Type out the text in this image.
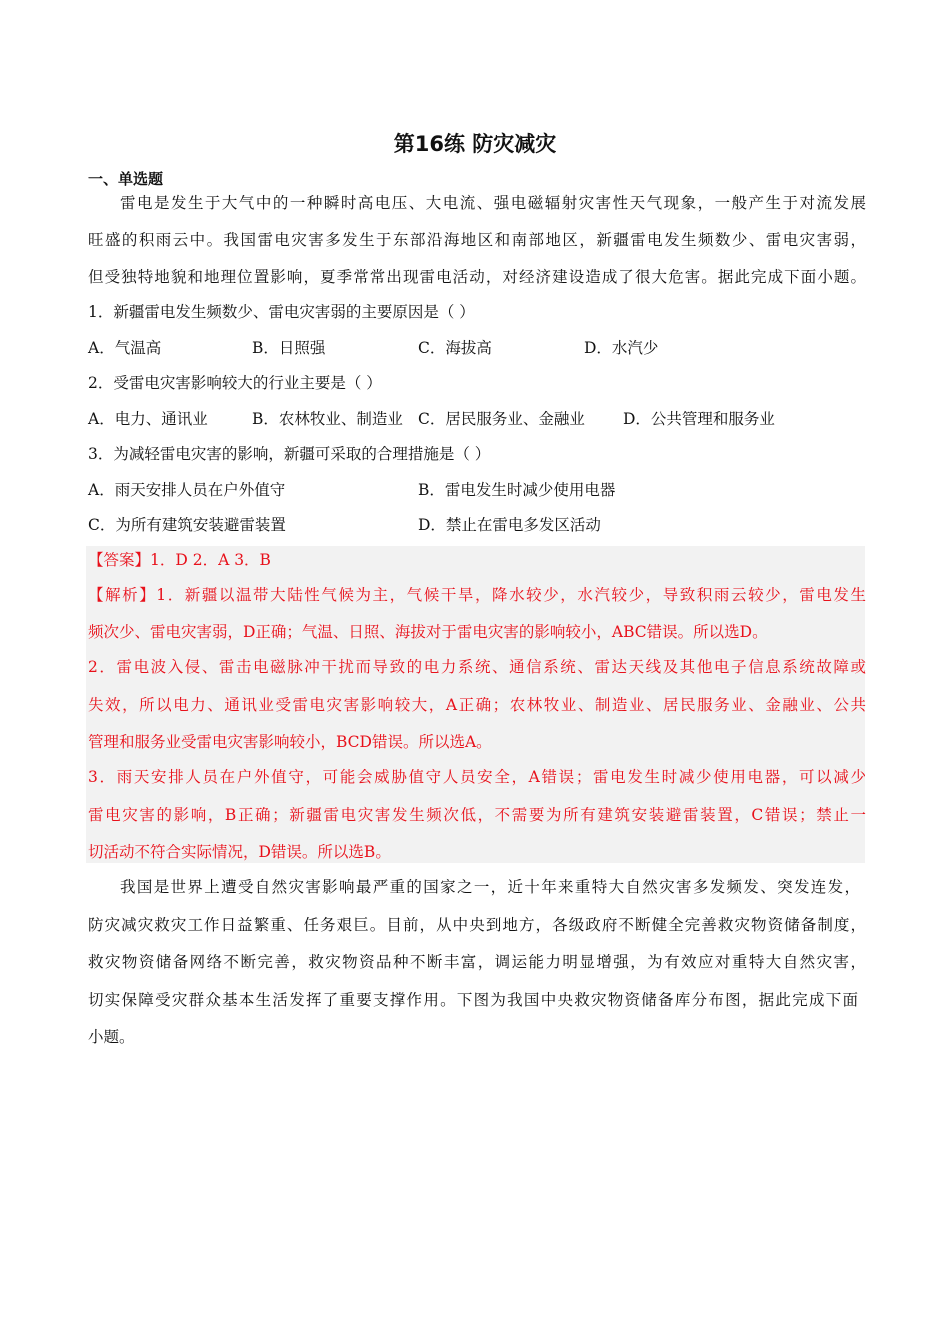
第16练 防灾减灾
一、单选题
雷电是发生于大气中的一种瞬时高电压、大电流、强电磁辐射灾害性天气现象，一般产生于对流发展
旺盛的积雨云中。我国雷电灾害多发生于东部沿海地区和南部地区，新疆雷电发生频数少、雷电灾害弱，
但受独特地貌和地理位置影响，夏季常常出现雷电活动，对经济建设造成了很大危害。据此完成下面小题。
1．新疆雷电发生频数少、雷电灾害弱的主要原因是（ ）
A．气温高	B．日照强	C．海拔高	D．水汽少
2．受雷电灾害影响较大的行业主要是（ ）
A．电力、通讯业	B．农林牧业、制造业 C．居民服务业、金融业 D．公共管理和服务业
3．为减轻雷电灾害的影响，新疆可采取的合理措施是（ ）
A．雨天安排人员在户外值守	B．雷电发生时减少使用电器
C．为所有建筑安装避雷装置	D．禁止在雷电多发区活动
【答案】1．D 2．A 3．B
【解析】1．新疆以温带大陆性气候为主，气候干旱，降水较少，水汽较少，导致积雨云较少，雷电发生
频次少、雷电灾害弱，D正确；气温、日照、海拔对于雷电灾害的影响较小，ABC错误。所以选D。
2．雷电波入侵、雷击电磁脉冲干扰而导致的电力系统、通信系统、雷达天线及其他电子信息系统故障或
失效，所以电力、通讯业受雷电灾害影响较大，A正确；农林牧业、制造业、居民服务业、金融业、公共
管理和服务业受雷电灾害影响较小，BCD错误。所以选A。
3．雨天安排人员在户外值守，可能会威胁值守人员安全，A错误；雷电发生时减少使用电器，可以减少
雷电灾害的影响，B正确；新疆雷电灾害发生频次低，不需要为所有建筑安装避雷装置，C错误；禁止一
切活动不符合实际情况，D错误。所以选B。
我国是世界上遭受自然灾害影响最严重的国家之一，近十年来重特大自然灾害多发频发、突发连发，
防灾减灾救灾工作日益繁重、任务艰巨。目前，从中央到地方，各级政府不断健全完善救灾物资储备制度，
救灾物资储备网络不断完善，救灾物资品种不断丰富，调运能力明显增强，为有效应对重特大自然灾害，
切实保障受灾群众基本生活发挥了重要支撑作用。下图为我国中央救灾物资储备库分布图，据此完成下面
小题。
